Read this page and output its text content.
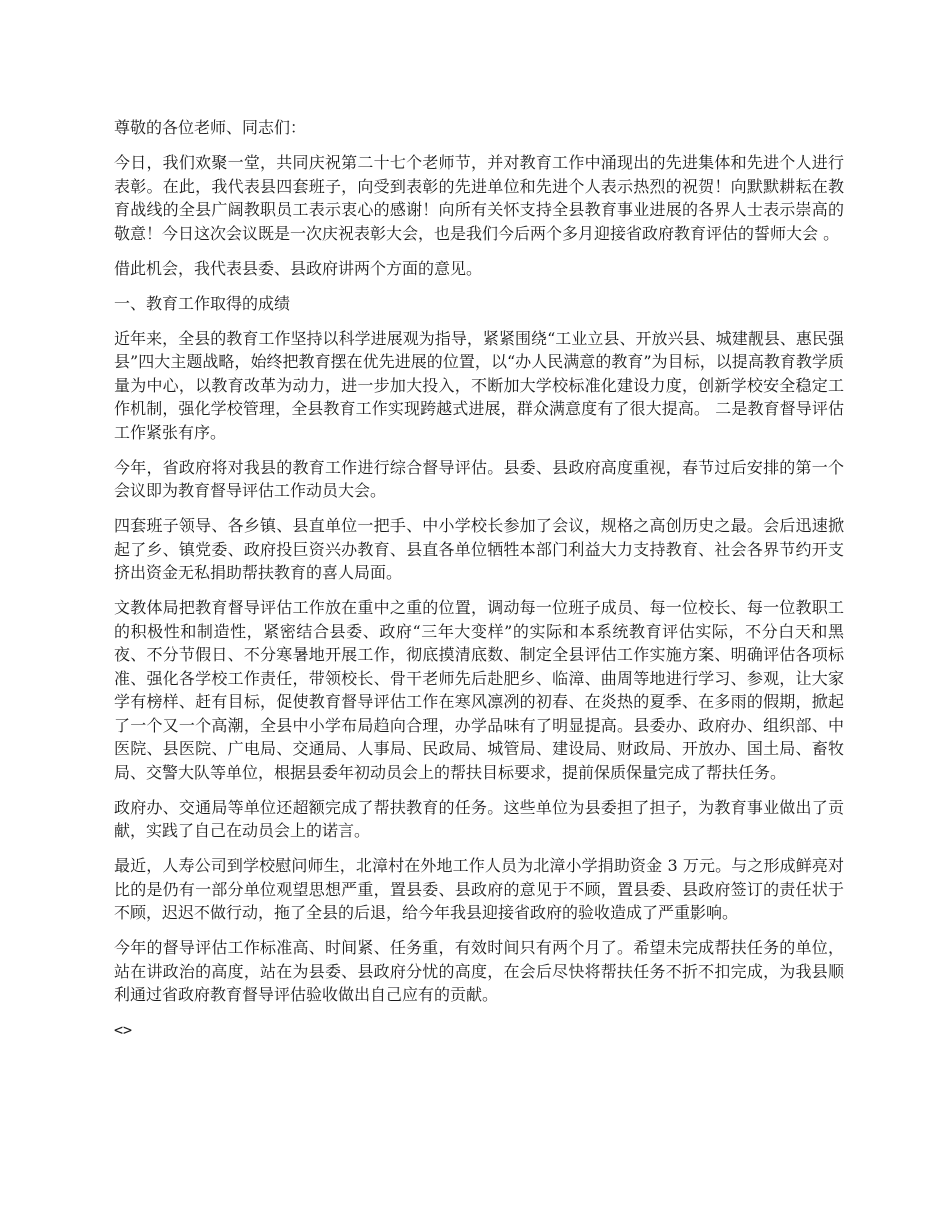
尊敬的各位老师、同志们：

今日，我们欢聚一堂，共同庆祝第二十七个老师节，并对教育工作中涌现出的先进集体和先进个人进行表彰。在此，我代表县四套班子，向受到表彰的先进单位和先进个人表示热烈的祝贺！向默默耕耘在教育战线的全县广阔教职员工表示衷心的感谢！向所有关怀支持全县教育事业进展的各界人士表示崇高的敬意！今日这次会议既是一次庆祝表彰大会，也是我们今后两个多月迎接省政府教育评估的誓师大会 。

借此机会，我代表县委、县政府讲两个方面的意见。

一、教育工作取得的成绩

近年来，全县的教育工作坚持以科学进展观为指导，紧紧围绕“工业立县、开放兴县、城建靓县、惠民强县”四大主题战略，始终把教育摆在优先进展的位置，以“办人民满意的教育”为目标，以提高教育教学质量为中心，以教育改革为动力，进一步加大投入，不断加大学校标准化建设力度，创新学校安全稳定工作机制，强化学校管理，全县教育工作实现跨越式进展，群众满意度有了很大提高。 二是教育督导评估工作紧张有序。

今年，省政府将对我县的教育工作进行综合督导评估。县委、县政府高度重视，春节过后安排的第一个会议即为教育督导评估工作动员大会。

四套班子领导、各乡镇、县直单位一把手、中小学校长参加了会议，规格之高创历史之最。会后迅速掀起了乡、镇党委、政府投巨资兴办教育、县直各单位牺牲本部门利益大力支持教育、社会各界节约开支挤出资金无私捐助帮扶教育的喜人局面。

文教体局把教育督导评估工作放在重中之重的位置，调动每一位班子成员、每一位校长、每一位教职工的积极性和制造性，紧密结合县委、政府“三年大变样”的实际和本系统教育评估实际，不分白天和黑夜、不分节假日、不分寒暑地开展工作，彻底摸清底数、制定全县评估工作实施方案、明确评估各项标准、强化各学校工作责任，带领校长、骨干老师先后赴肥乡、临漳、曲周等地进行学习、参观，让大家学有榜样、赶有目标，促使教育督导评估工作在寒风凛冽的初春、在炎热的夏季、在多雨的假期，掀起了一个又一个高潮，全县中小学布局趋向合理，办学品味有了明显提高。县委办、政府办、组织部、中医院、县医院、广电局、交通局、人事局、民政局、城管局、建设局、财政局、开放办、国土局、畜牧局、交警大队等单位，根据县委年初动员会上的帮扶目标要求，提前保质保量完成了帮扶任务。

政府办、交通局等单位还超额完成了帮扶教育的任务。这些单位为县委担了担子，为教育事业做出了贡献，实践了自己在动员会上的诺言。

最近，人寿公司到学校慰问师生，北漳村在外地工作人员为北漳小学捐助资金 3 万元。与之形成鲜亮对比的是仍有一部分单位观望思想严重，置县委、县政府的意见于不顾，置县委、县政府签订的责任状于不顾，迟迟不做行动，拖了全县的后退，给今年我县迎接省政府的验收造成了严重影响。

今年的督导评估工作标准高、时间紧、任务重，有效时间只有两个月了。希望未完成帮扶任务的单位，站在讲政治的高度，站在为县委、县政府分忧的高度，在会后尽快将帮扶任务不折不扣完成，为我县顺利通过省政府教育督导评估验收做出自己应有的贡献。

<>
